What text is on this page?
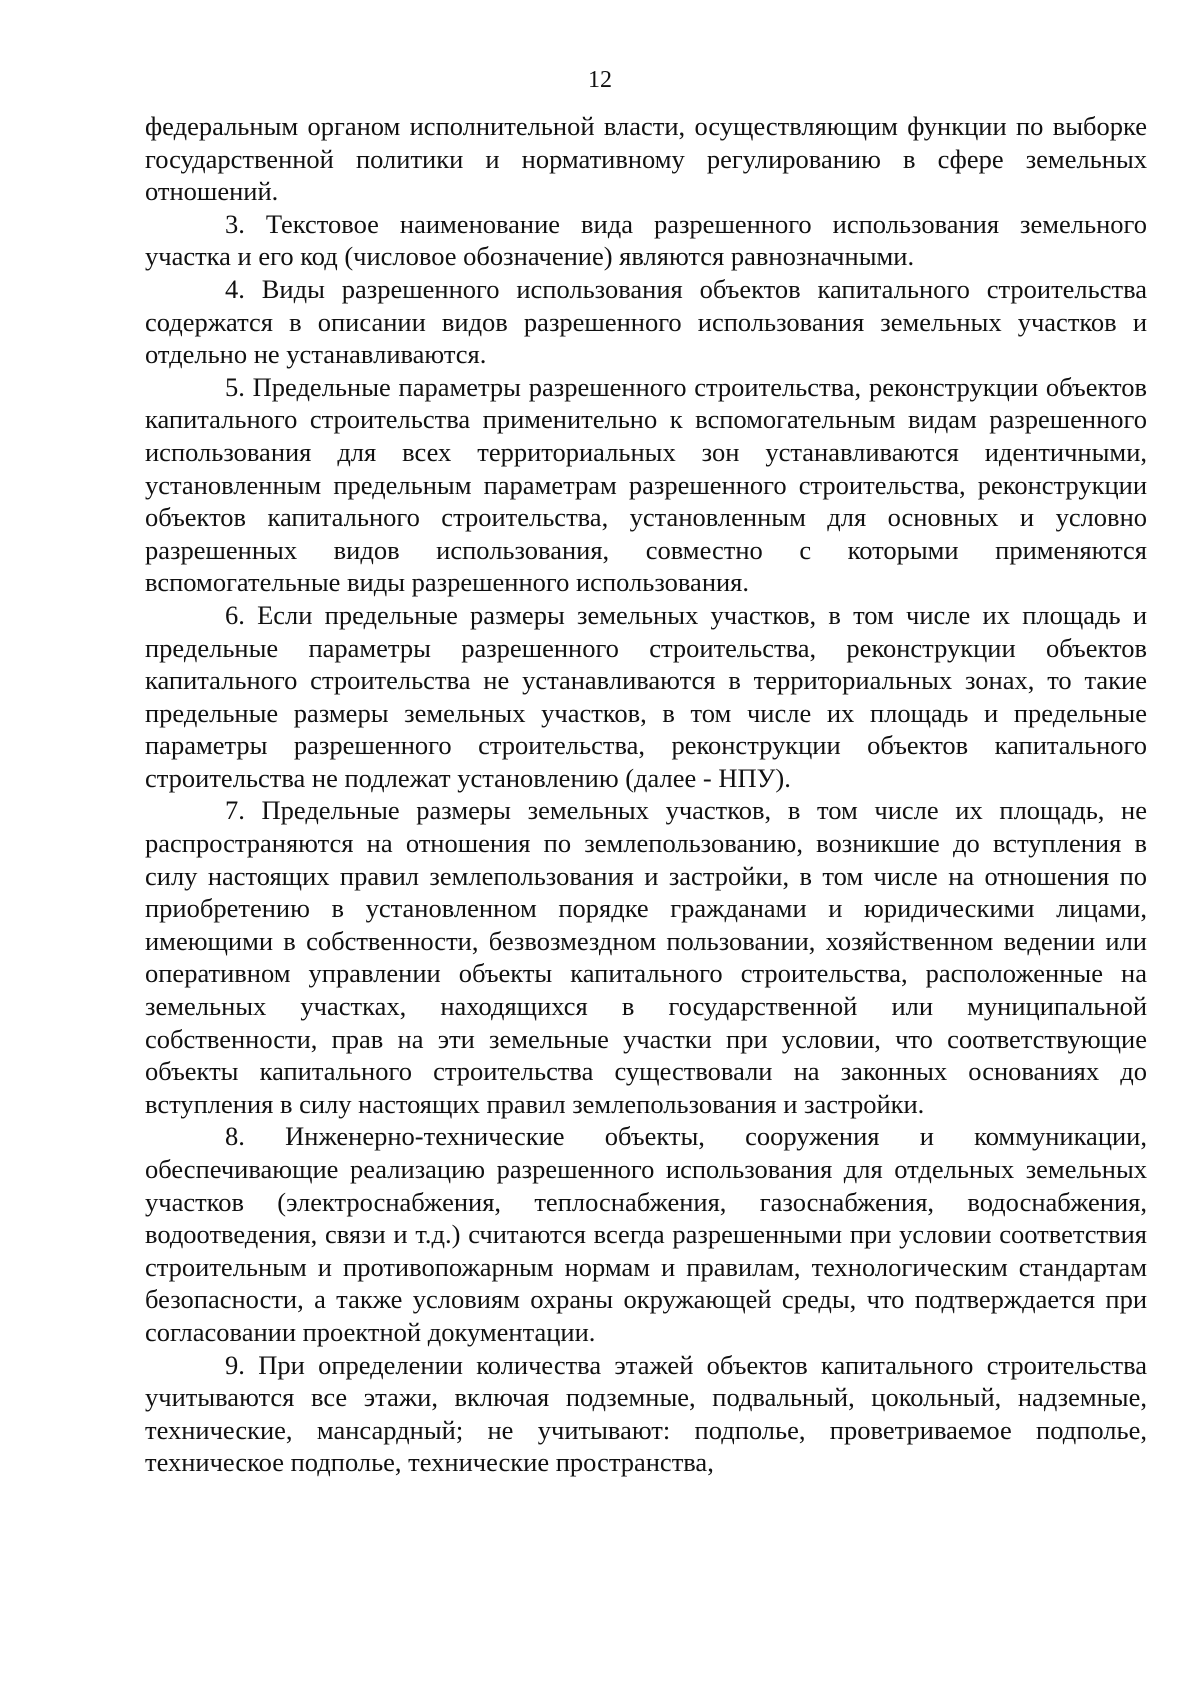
12

федеральным органом исполнительной власти, осуществляющим функции по выборке государственной политики и нормативному регулированию в сфере земельных отношений.

3. Текстовое наименование вида разрешенного использования земельного участка и его код (числовое обозначение) являются равнозначными.

4. Виды разрешенного использования объектов капитального строительства содержатся в описании видов разрешенного использования земельных участков и отдельно не устанавливаются.

5. Предельные параметры разрешенного строительства, реконструкции объектов капитального строительства применительно к вспомогательным видам разрешенного использования для всех территориальных зон устанавливаются идентичными, установленным предельным параметрам разрешенного строительства, реконструкции объектов капитального строительства, установленным для основных и условно разрешенных видов использования, совместно с которыми применяются вспомогательные виды разрешенного использования.

6. Если предельные размеры земельных участков, в том числе их площадь и предельные параметры разрешенного строительства, реконструкции объектов капитального строительства не устанавливаются в территориальных зонах, то такие предельные размеры земельных участков, в том числе их площадь и предельные параметры разрешенного строительства, реконструкции объектов капитального строительства не подлежат установлению (далее - НПУ).

7. Предельные размеры земельных участков, в том числе их площадь, не распространяются на отношения по землепользованию, возникшие до вступления в силу настоящих правил землепользования и застройки, в том числе на отношения по приобретению в установленном порядке гражданами и юридическими лицами, имеющими в собственности, безвозмездном пользовании, хозяйственном ведении или оперативном управлении объекты капитального строительства, расположенные на земельных участках, находящихся в государственной или муниципальной собственности, прав на эти земельные участки при условии, что соответствующие объекты капитального строительства существовали на законных основаниях до вступления в силу настоящих правил землепользования и застройки.

8. Инженерно-технические объекты, сооружения и коммуникации, обеспечивающие реализацию разрешенного использования для отдельных земельных участков (электроснабжения, теплоснабжения, газоснабжения, водоснабжения, водоотведения, связи и т.д.) считаются всегда разрешенными при условии соответствия строительным и противопожарным нормам и правилам, технологическим стандартам безопасности, а также условиям охраны окружающей среды, что подтверждается при согласовании проектной документации.

9. При определении количества этажей объектов капитального строительства учитываются все этажи, включая подземные, подвальный, цокольный, надземные, технические, мансардный; не учитывают: подполье, проветриваемое подполье, техническое подполье, технические пространства,
